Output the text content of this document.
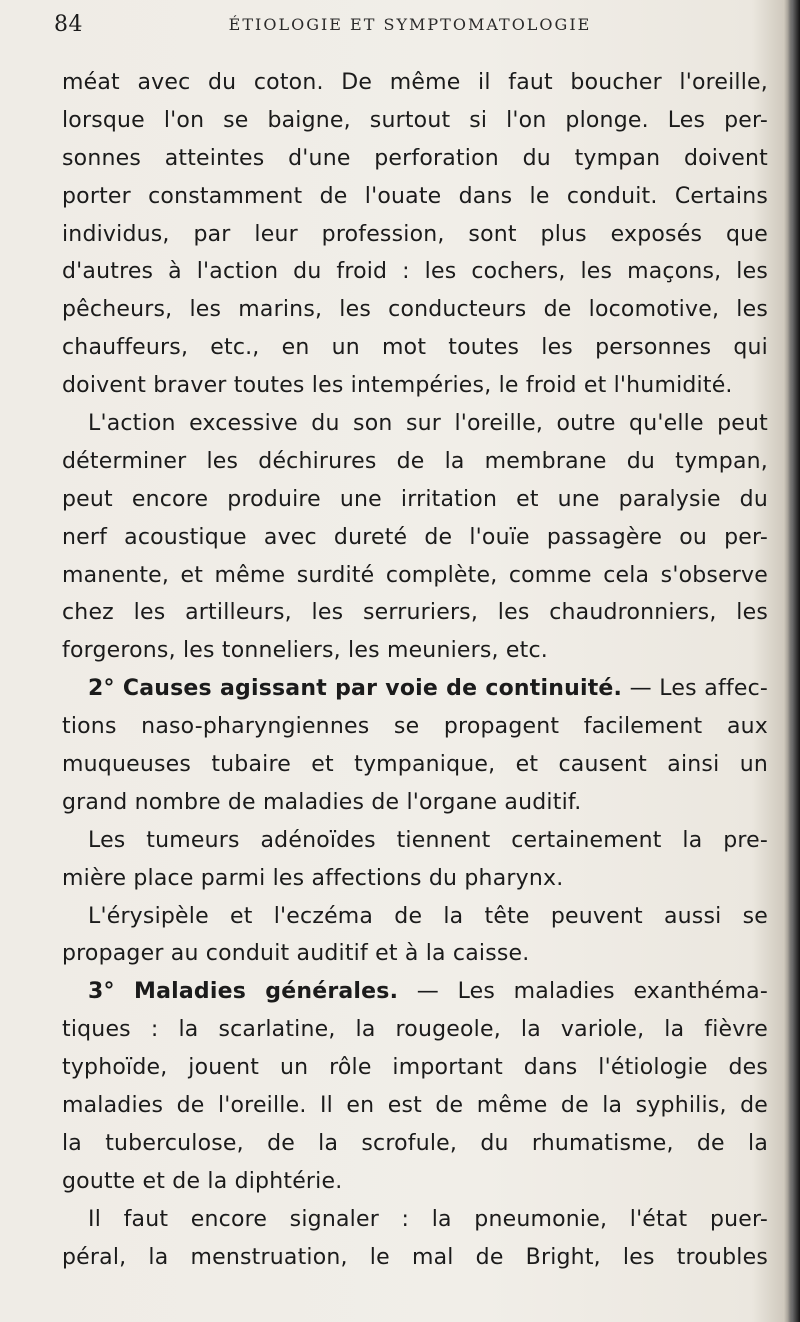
84	ÉTIOLOGIE ET SYMPTOMATOLOGIE
méat avec du coton. De même il faut boucher l'oreille,
lorsque l'on se baigne, surtout si l'on plonge. Les per-
sonnes atteintes d'une perforation du tympan doivent
porter constamment de l'ouate dans le conduit. Certains
individus, par leur profession, sont plus exposés que
d'autres à l'action du froid : les cochers, les maçons, les
pêcheurs, les marins, les conducteurs de locomotive, les
chauffeurs, etc., en un mot toutes les personnes qui
doivent braver toutes les intempéries, le froid et l'humidité.
L'action excessive du son sur l'oreille, outre qu'elle peut
déterminer les déchirures de la membrane du tympan,
peut encore produire une irritation et une paralysie du
nerf acoustique avec dureté de l'ouïe passagère ou per-
manente, et même surdité complète, comme cela s'observe
chez les artilleurs, les serruriers, les chaudronniers, les
forgerons, les tonneliers, les meuniers, etc.
2° Causes agissant par voie de continuité. — Les affec-
tions naso-pharyngiennes se propagent facilement aux
muqueuses tubaire et tympanique, et causent ainsi un
grand nombre de maladies de l'organe auditif.
Les tumeurs adénoïdes tiennent certainement la pre-
mière place parmi les affections du pharynx.
L'érysipèle et l'eczéma de la tête peuvent aussi se
propager au conduit auditif et à la caisse.
3° Maladies générales. — Les maladies exanthéma-
tiques : la scarlatine, la rougeole, la variole, la fièvre
typhoïde, jouent un rôle important dans l'étiologie des
maladies de l'oreille. Il en est de même de la syphilis, de
la tuberculose, de la scrofule, du rhumatisme, de la
goutte et de la diphtérie.
Il faut encore signaler : la pneumonie, l'état puer-
péral, la menstruation, le mal de Bright, les troubles
